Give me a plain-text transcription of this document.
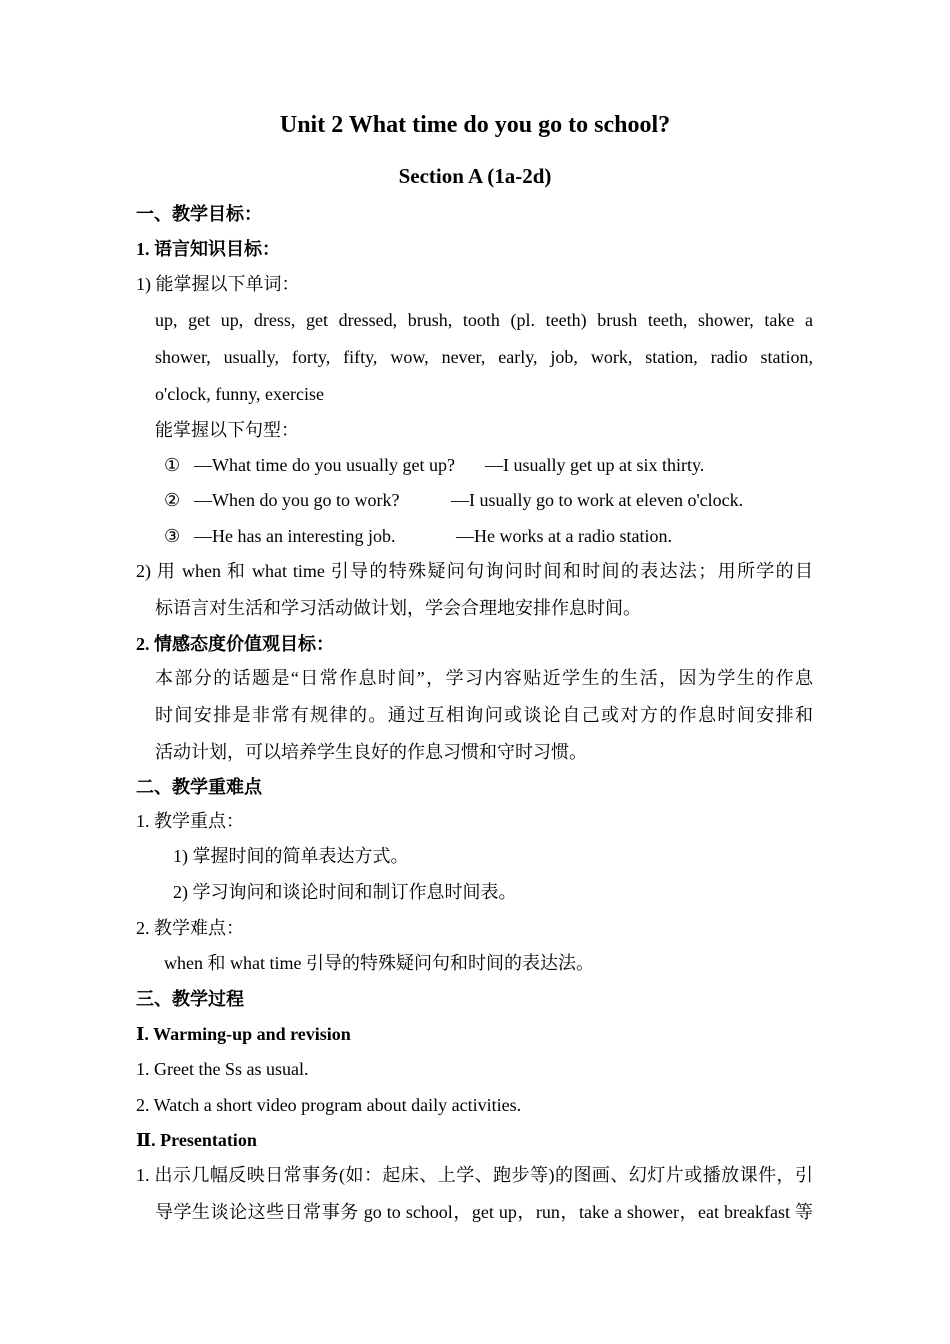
Unit 2 What time do you go to school?
Section A (1a-2d)
一、教学目标：
1. 语言知识目标：
1) 能掌握以下单词：
up, get up, dress, get dressed, brush, tooth (pl. teeth) brush teeth, shower, take a
shower, usually, forty, fifty, wow, never, early, job, work, station, radio station,
o'clock, funny, exercise
能掌握以下句型：
① —What time do you usually get up? —I usually get up at six thirty.
② —When do you go to work?	—I usually go to work at eleven o'clock.
③ —He has an interesting job.	—He works at a radio station.
2) 用 when 和 what time 引导的特殊疑问句询问时间和时间的表达法；用所学的目
标语言对生活和学习活动做计划，学会合理地安排作息时间。
2. 情感态度价值观目标：
本部分的话题是“日常作息时间”，学习内容贴近学生的生活，因为学生的作息
时间安排是非常有规律的。通过互相询问或谈论自己或对方的作息时间安排和
活动计划，可以培养学生良好的作息习惯和守时习惯。
二、教学重难点
1. 教学重点：
1) 掌握时间的简单表达方式。
2) 学习询问和谈论时间和制订作息时间表。
2. 教学难点：
when 和 what time 引导的特殊疑问句和时间的表达法。
三、教学过程
Ⅰ. Warming-up and revision
1. Greet the Ss as usual.
2. Watch a short video program about daily activities.
Ⅱ. Presentation
1. 出示几幅反映日常事务(如：起床、上学、跑步等)的图画、幻灯片或播放课件，引
导学生谈论这些日常事务 go to school，get up，run，take a shower，eat breakfast 等
